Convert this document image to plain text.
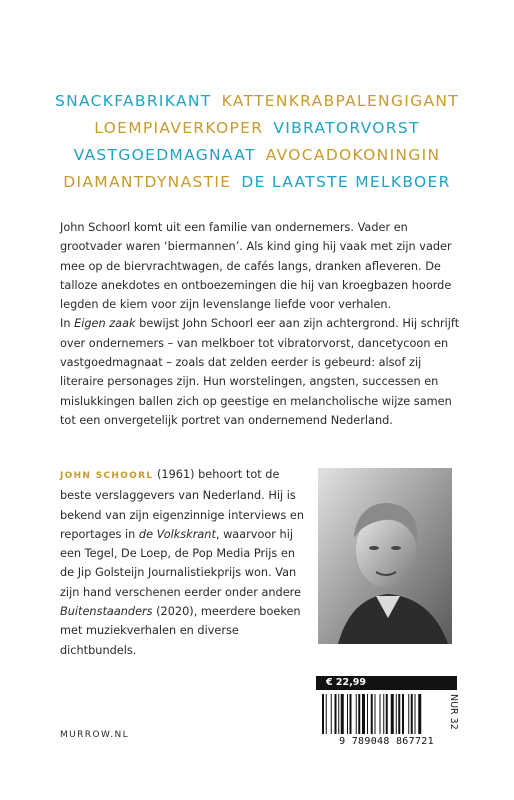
SNACKFABRIKANT KATTENKRABPALENGIGANT
LOEMPIAVERKOPER VIBRATORVORST
VASTGOEDMAGNAAT AVOCADOKONINGIN
DIAMANTDYNASTIE DE LAATSTE MELKBOER

John Schoorl komt uit een familie van ondernemers. Vader en grootvader waren ‘biermannen’. Als kind ging hij vaak met zijn vader mee op de biervrachtwagen, de cafés langs, dranken afleveren. De talloze anekdotes en ontboezemingen die hij van kroegbazen hoorde legden de kiem voor zijn levenslange liefde voor verhalen.

In Eigen zaak bewijst John Schoorl eer aan zijn achtergrond. Hij schrijft over ondernemers – van melkboer tot vibratorvorst, dancetycoon en vastgoedmagnaat – zoals dat zelden eerder is gebeurd: alsof zij literaire personages zijn. Hun worstelingen, angsten, successen en mislukkingen ballen zich op geestige en melancholische wijze samen tot een onvergetelijk portret van ondernemend Nederland.

JOHN SCHOORL (1961) behoort tot de beste verslaggevers van Nederland. Hij is bekend van zijn eigenzinnige interviews en reportages in de Volkskrant, waarvoor hij een Tegel, De Loep, de Pop Media Prijs en de Jip Golsteijn Journalistiekprijs won. Van zijn hand verschenen eerder onder andere Buitenstaanders (2020), meerdere boeken met muziekverhalen en diverse dichtbundels.

€ 22,99
9 789048 867721
NUR 32
MURROW.NL
